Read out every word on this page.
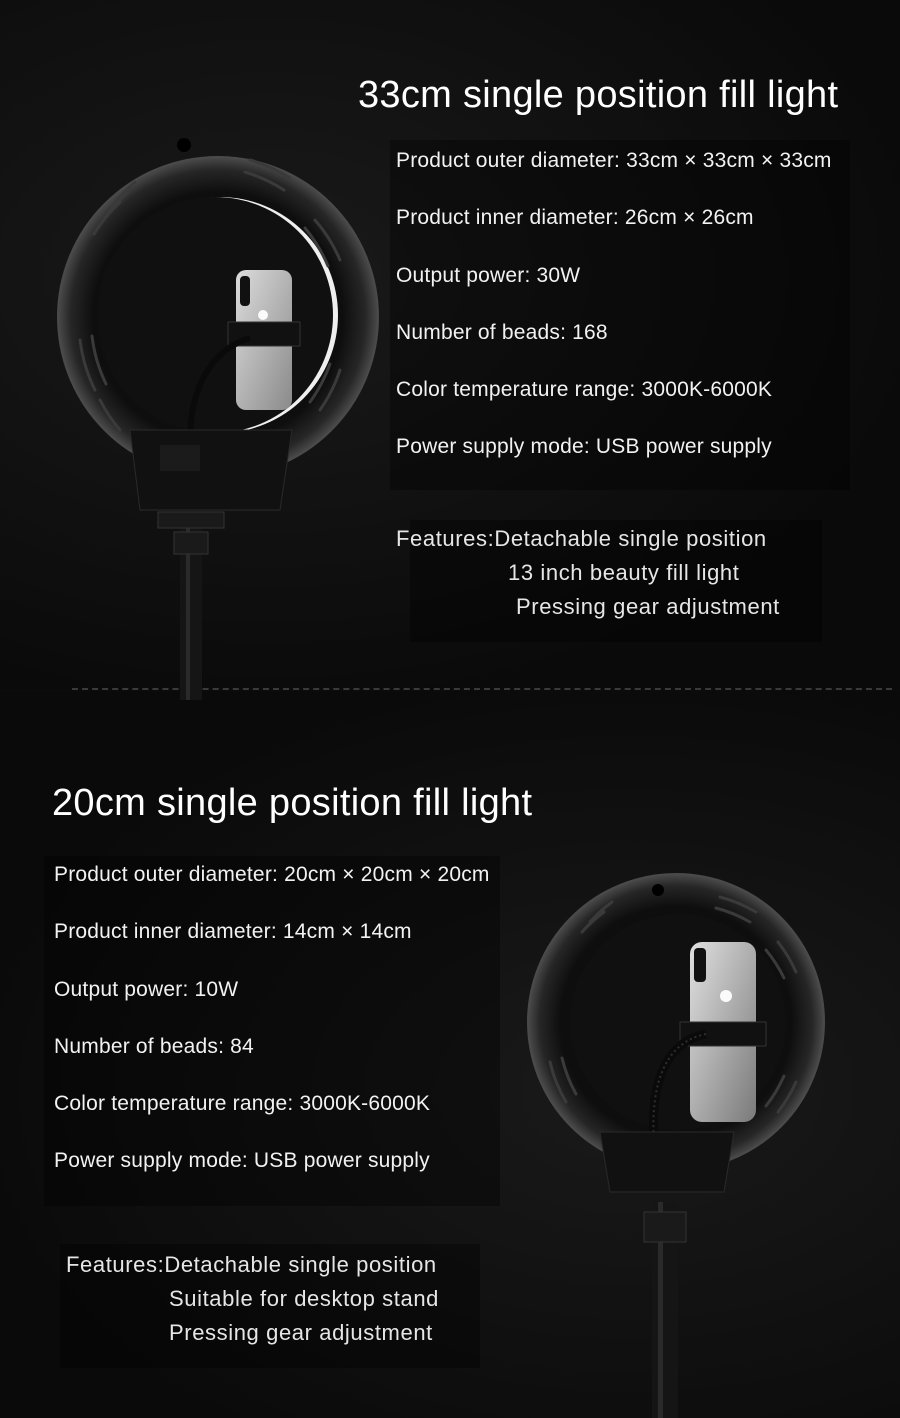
33cm single position fill light
Product outer diameter: 33cm × 33cm × 33cm
Product inner diameter: 26cm × 26cm
Output power: 30W
Number of beads: 168
Color temperature range: 3000K-6000K
Power supply mode: USB power supply
Features:Detachable single position
13 inch beauty fill light
Pressing gear adjustment
20cm single position fill light
Product outer diameter: 20cm × 20cm × 20cm
Product inner diameter: 14cm × 14cm
Output power: 10W
Number of beads: 84
Color temperature range: 3000K-6000K
Power supply mode: USB power supply
Features:Detachable single position
Suitable for desktop stand
Pressing gear adjustment
